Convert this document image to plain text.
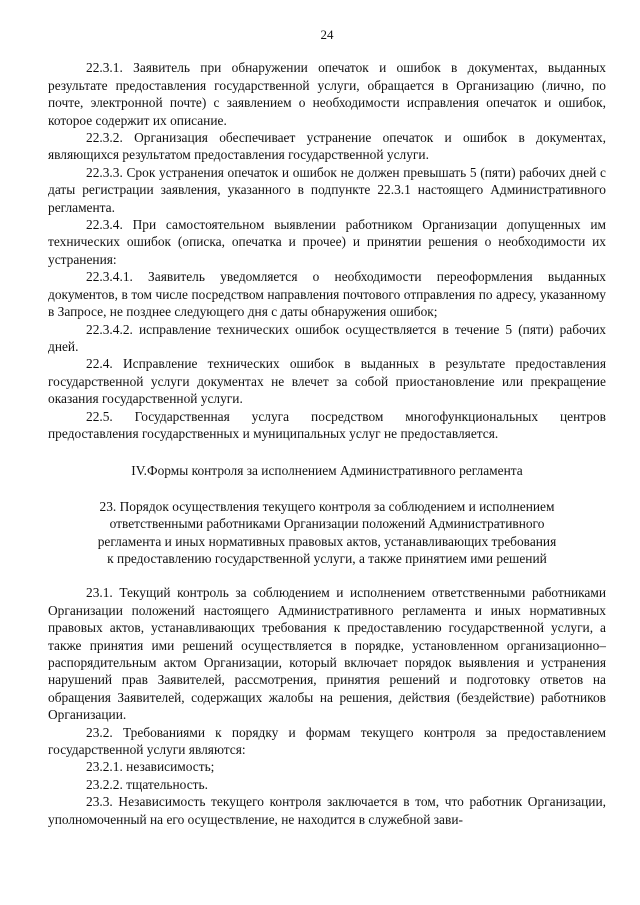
24

22.3.1. Заявитель при обнаружении опечаток и ошибок в документах, выданных результате предоставления государственной услуги, обращается в Организацию (лично, по почте, электронной почте) с заявлением о необходимости исправления опечаток и ошибок, которое содержит их описание.

22.3.2. Организация обеспечивает устранение опечаток и ошибок в документах, являющихся результатом предоставления государственной услуги.

22.3.3. Срок устранения опечаток и ошибок не должен превышать 5 (пяти) рабочих дней с даты регистрации заявления, указанного в подпункте 22.3.1 настоящего Административного регламента.

22.3.4. При самостоятельном выявлении работником Организации допущенных им технических ошибок (описка, опечатка и прочее) и принятии решения о необходимости их устранения:

22.3.4.1. Заявитель уведомляется о необходимости переоформления выданных документов, в том числе посредством направления почтового отправления по адресу, указанному в Запросе, не позднее следующего дня с даты обнаружения ошибок;

22.3.4.2. исправление технических ошибок осуществляется в течение 5 (пяти) рабочих дней.

22.4. Исправление технических ошибок в выданных в результате предоставления государственной услуги документах не влечет за собой приостановление или прекращение оказания государственной услуги.

22.5. Государственная услуга посредством многофункциональных центров предоставления государственных и муниципальных услуг не предоставляется.

IV.Формы контроля за исполнением Административного регламента
23. Порядок осуществления текущего контроля за соблюдением и исполнением
ответственными работниками Организации положений Административного
регламента и иных нормативных правовых актов, устанавливающих требования
к предоставлению государственной услуги, а также принятием ими решений

23.1. Текущий контроль за соблюдением и исполнением ответственными работниками Организации положений настоящего Административного регламента и иных нормативных правовых актов, устанавливающих требования к предоставлению государственной услуги, а также принятия ими решений осуществляется в порядке, установленном организационно–распорядительным актом Организации, который включает порядок выявления и устранения нарушений прав Заявителей, рассмотрения, принятия решений и подготовку ответов на обращения Заявителей, содержащих жалобы на решения, действия (бездействие) работников Организации.

23.2. Требованиями к порядку и формам текущего контроля за предоставлением государственной услуги являются:

23.2.1. независимость;

23.2.2. тщательность.

23.3. Независимость текущего контроля заключается в том, что работник Организации, уполномоченный на его осуществление, не находится в служебной зави-
